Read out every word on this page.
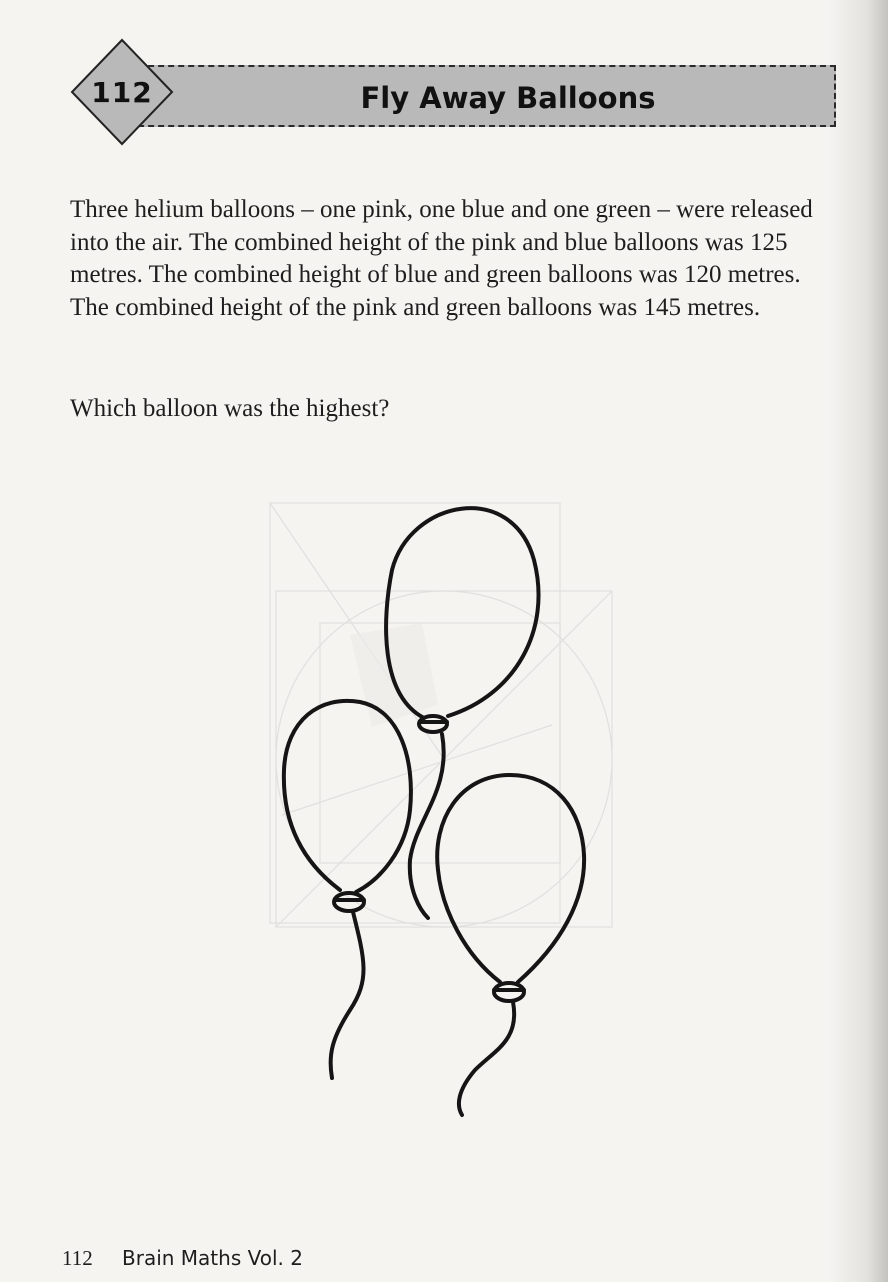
112	Fly Away Balloons

Three helium balloons – one pink, one blue and one green – were released into the air. The combined height of the pink and blue balloons was 125 metres. The combined height of blue and green balloons was 120 metres. The combined height of the pink and green balloons was 145 metres.

Which balloon was the highest?

112 Brain Maths Vol. 2
